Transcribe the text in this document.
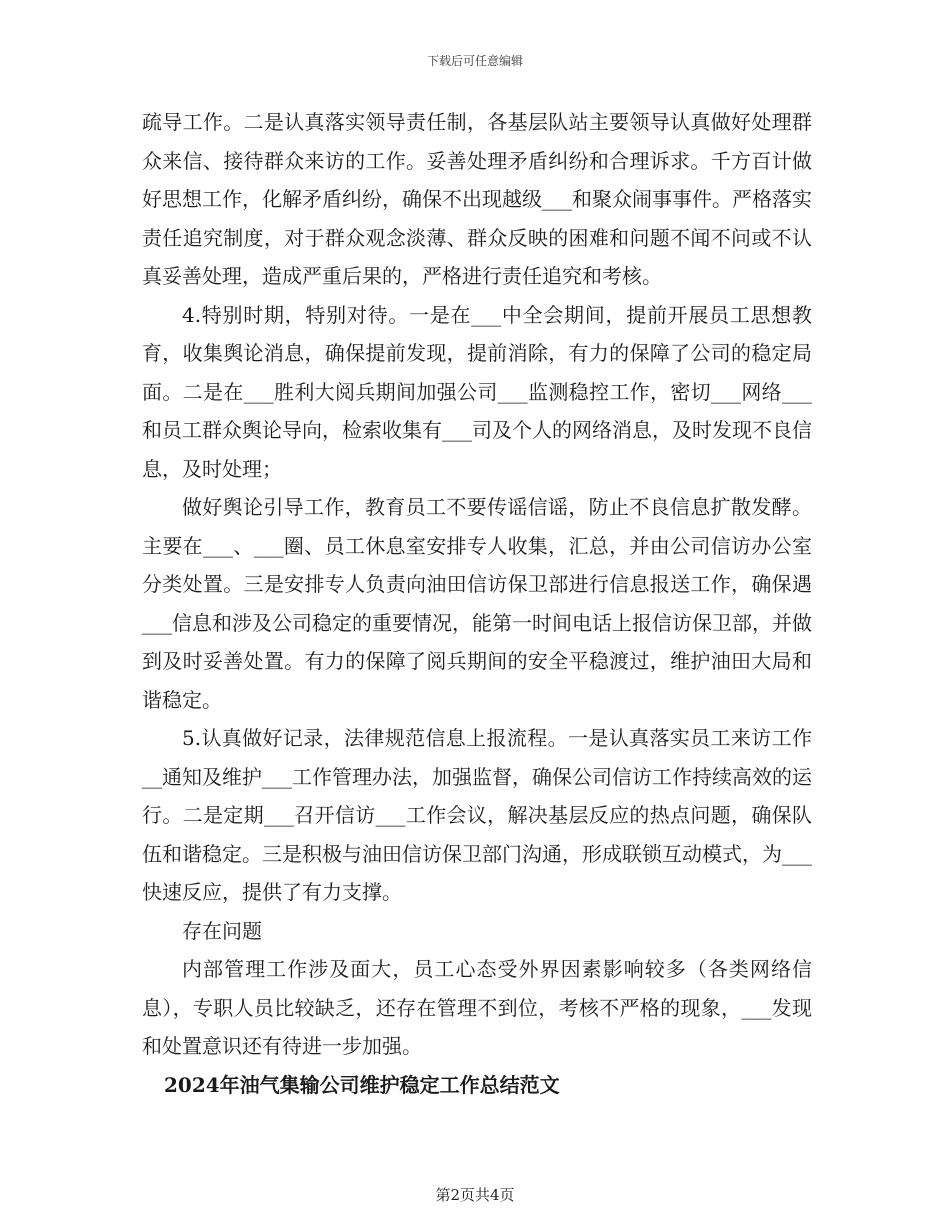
下载后可任意编辑

疏导工作。二是认真落实领导责任制，各基层队站主要领导认真做好处理群众来信、接待群众来访的工作。妥善处理矛盾纠纷和合理诉求。千方百计做好思想工作，化解矛盾纠纷，确保不出现越级___和聚众闹事事件。严格落实责任追究制度，对于群众观念淡薄、群众反映的困难和问题不闻不问或不认真妥善处理，造成严重后果的，严格进行责任追究和考核。

4.特别时期，特别对待。一是在___中全会期间，提前开展员工思想教育，收集舆论消息，确保提前发现，提前消除，有力的保障了公司的稳定局面。二是在___胜利大阅兵期间加强公司___监测稳控工作，密切___网络___和员工群众舆论导向，检索收集有___司及个人的网络消息，及时发现不良信息，及时处理；

做好舆论引导工作，教育员工不要传谣信谣，防止不良信息扩散发酵。主要在___、___圈、员工休息室安排专人收集，汇总，并由公司信访办公室分类处置。三是安排专人负责向油田信访保卫部进行信息报送工作，确保遇___信息和涉及公司稳定的重要情况，能第一时间电话上报信访保卫部，并做到及时妥善处置。有力的保障了阅兵期间的安全平稳渡过，维护油田大局和谐稳定。

5.认真做好记录，法律规范信息上报流程。一是认真落实员工来访工作__通知及维护___工作管理办法，加强监督，确保公司信访工作持续高效的运行。二是定期___召开信访___工作会议，解决基层反应的热点问题，确保队伍和谐稳定。三是积极与油田信访保卫部门沟通，形成联锁互动模式，为___快速反应，提供了有力支撑。

存在问题

内部管理工作涉及面大，员工心态受外界因素影响较多（各类网络信息），专职人员比较缺乏，还存在管理不到位，考核不严格的现象，___发现和处置意识还有待进一步加强。

2024年油气集输公司维护稳定工作总结范文

第2页共4页
